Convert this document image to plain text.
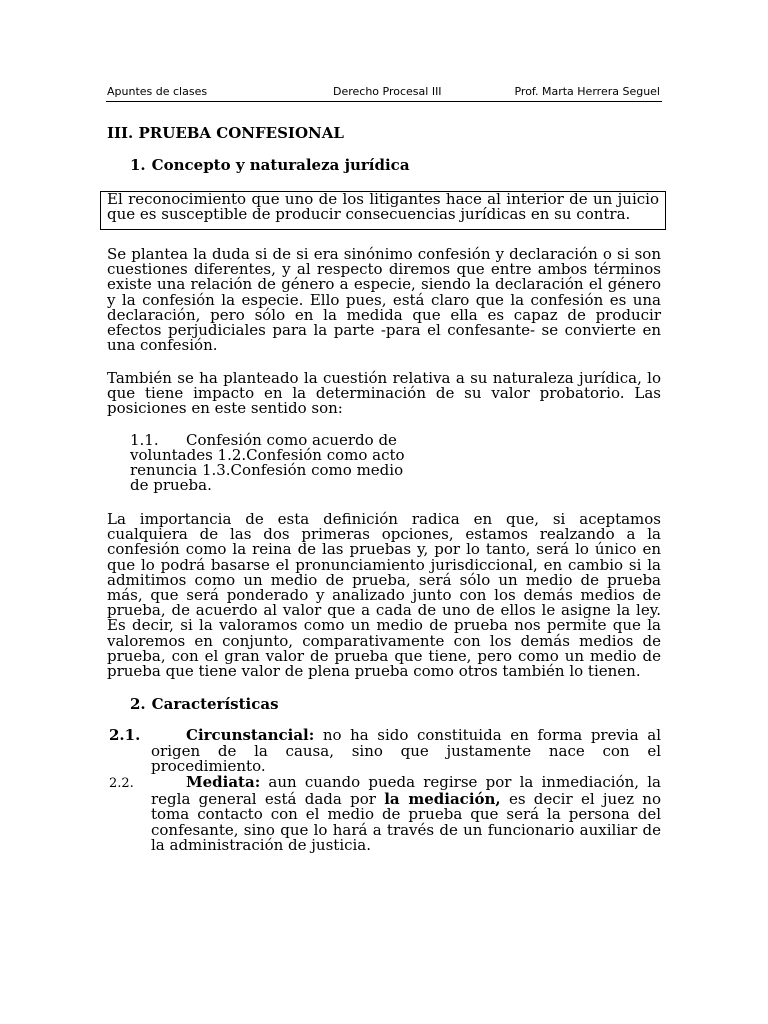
Apuntes de clases	Derecho Procesal III	Prof. Marta Herrera Seguel
III. PRUEBA CONFESIONAL
1. Concepto y naturaleza jurídica

El reconocimiento que uno de los litigantes hace al interior de un juicio que es susceptible de producir consecuencias jurídicas en su contra.

Se plantea la duda si de si era sinónimo confesión y declaración o si son cuestiones diferentes, y al respecto diremos que entre ambos términos existe una relación de género a especie, siendo la declaración el género y la confesión la especie. Ello pues, está claro que la confesión es una declaración, pero sólo en la medida que ella es capaz de producir efectos perjudiciales para la parte -para el confesante- se convierte en una confesión.

También se ha planteado la cuestión relativa a su naturaleza jurídica, lo que tiene impacto en la determinación de su valor probatorio. Las posiciones en este sentido son:

1.1. Confesión como acuerdo de voluntades 1.2.Confesión como acto renuncia 1.3.Confesión como medio de prueba.

La importancia de esta definición radica en que, si aceptamos cualquiera de las dos primeras opciones, estamos realzando a la confesión como la reina de las pruebas y, por lo tanto, será lo único en que lo podrá basarse el pronunciamiento jurisdiccional, en cambio si la admitimos como un medio de prueba, será sólo un medio de prueba más, que será ponderado y analizado junto con los demás medios de prueba, de acuerdo al valor que a cada de uno de ellos le asigne la ley. Es decir, si la valoramos como un medio de prueba nos permite que la valoremos en conjunto, comparativamente con los demás medios de prueba, con el gran valor de prueba que tiene, pero como un medio de prueba que tiene valor de plena prueba como otros también lo tienen.

2. Características

2.1.	Circunstancial: no ha sido constituida en forma previa al origen de la causa, sino que justamente nace con el procedimiento.

2.2.	Mediata: aun cuando pueda regirse por la inmediación, la regla general está dada por la mediación, es decir el juez no toma contacto con el medio de prueba que será la persona del confesante, sino que lo hará a través de un funcionario auxiliar de la administración de justicia.
